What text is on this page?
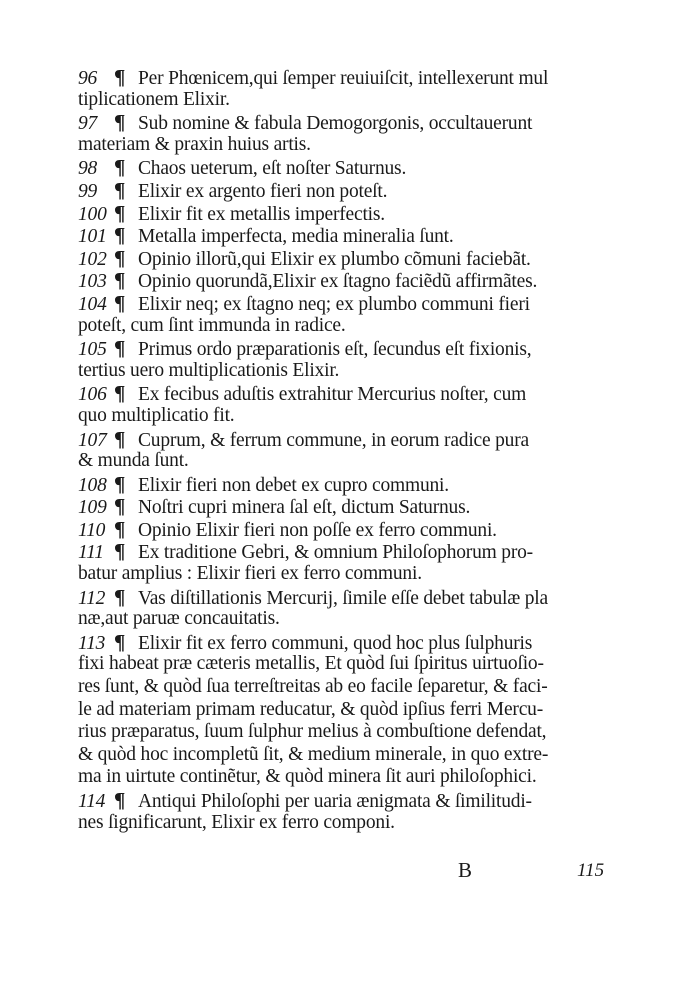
96 ¶ Per Phœnicem,qui ſemper reuiuiſcit, intellexerunt mul
tiplicationem Elixir.
97 ¶ Sub nomine & fabula Demogorgonis, occultauerunt
materiam & praxin huius artis.
98 ¶ Chaos ueterum, eſt noſter Saturnus.
99 ¶ Elixir ex argento fieri non poteſt.
100 ¶ Elixir fit ex metallis imperfectis.
101 ¶ Metalla imperfecta, media mineralia ſunt.
102 ¶ Opinio illorũ,qui Elixir ex plumbo cõmuni faciebãt.
103 ¶ Opinio quorundã,Elixir ex ſtagno faciẽdũ affirmãtes.
104 ¶ Elixir neq; ex ſtagno neq; ex plumbo communi fieri
poteſt, cum ſint immunda in radice.
105 ¶ Primus ordo præparationis eſt, ſecundus eſt fixionis,
tertius uero multiplicationis Elixir.
106 ¶ Ex fecibus aduſtis extrahitur Mercurius noſter, cum
quo multiplicatio fit.
107 ¶ Cuprum, & ferrum commune, in eorum radice pura
& munda ſunt.
108 ¶ Elixir fieri non debet ex cupro communi.
109 ¶ Noſtri cupri minera ſal eſt, dictum Saturnus.
110 ¶ Opinio Elixir fieri non poſſe ex ferro communi.
111 ¶ Ex traditione Gebri, & omnium Philoſophorum pro-
batur amplius : Elixir fieri ex ferro communi.
112 ¶ Vas diſtillationis Mercurij, ſimile eſſe debet tabulæ pla
næ,aut paruæ concauitatis.
113 ¶ Elixir fit ex ferro communi, quod hoc plus ſulphuris
fixi habeat præ cæteris metallis, Et quòd ſui ſpiritus uirtuoſio-
res ſunt, & quòd ſua terreſtreitas ab eo facile ſeparetur, & faci-
le ad materiam primam reducatur, & quòd ipſius ferri Mercu-
rius præparatus, ſuum ſulphur melius à combuſtione defendat,
& quòd hoc incompletũ ſit, & medium minerale, in quo extre-
ma in uirtute continẽtur, & quòd minera ſit auri philoſophici.
114 ¶ Antiqui Philoſophi per uaria ænigmata & ſimilitudi-
nes ſignificarunt, Elixir ex ferro componi.
B	115
